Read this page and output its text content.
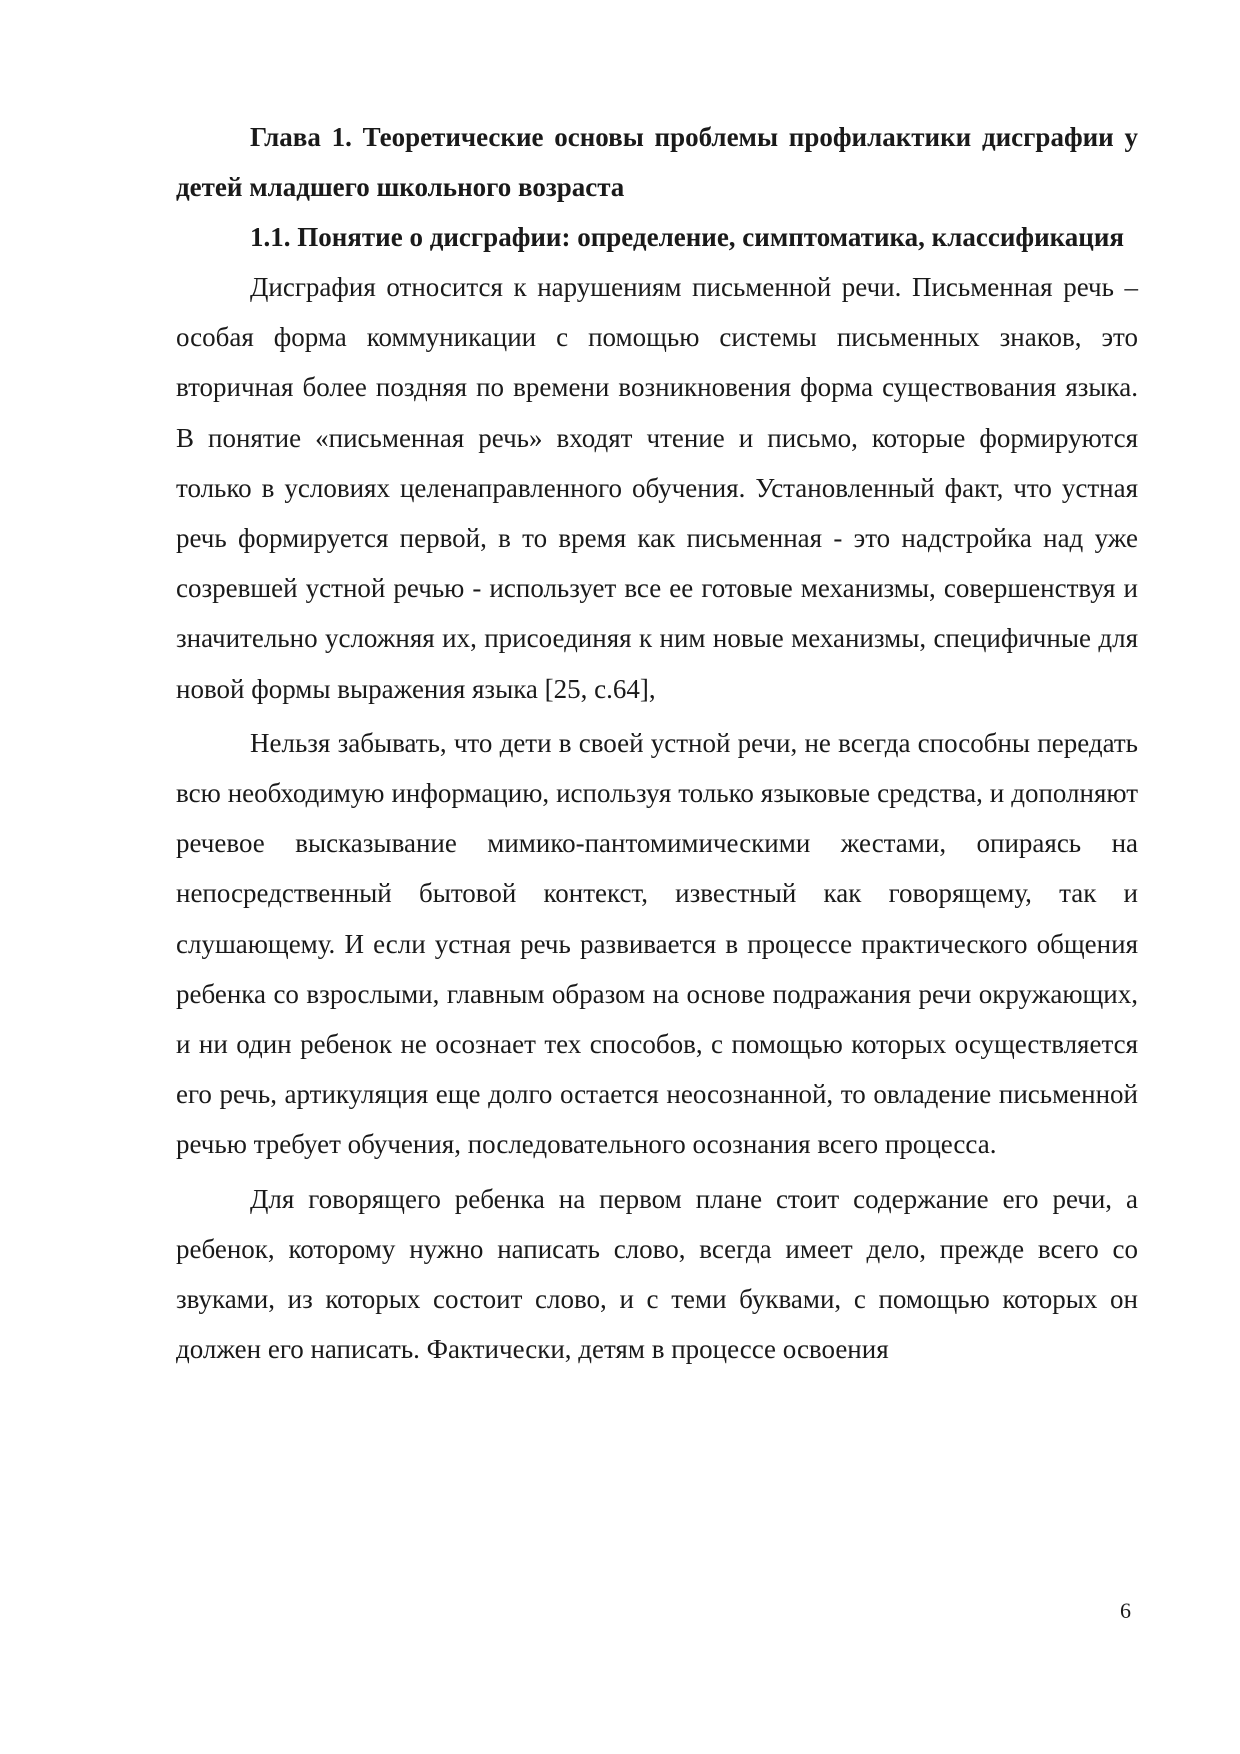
Глава 1. Теоретические основы проблемы профилактики дисграфии у детей младшего школьного возраста

1.1. Понятие о дисграфии: определение, симптоматика, классификация

Дисграфия относится к нарушениям письменной речи. Письменная речь – особая форма коммуникации с помощью системы письменных знаков, это вторичная более поздняя по времени возникновения форма существования языка. В понятие «письменная речь» входят чтение и письмо, которые формируются только в условиях целенаправленного обучения. Установленный факт, что устная речь формируется первой, в то время как письменная - это надстройка над уже созревшей устной речью - использует все ее готовые механизмы, совершенствуя и значительно усложняя их, присоединяя к ним новые механизмы, специфичные для новой формы выражения языка [25, с.64],

Нельзя забывать, что дети в своей устной речи, не всегда способны передать всю необходимую информацию, используя только языковые средства, и дополняют речевое высказывание мимико-пантомимическими жестами, опираясь на непосредственный бытовой контекст, известный как говорящему, так и слушающему. И если устная речь развивается в процессе практического общения ребенка со взрослыми, главным образом на основе подражания речи окружающих, и ни один ребенок не осознает тех способов, с помощью которых осуществляется его речь, артикуляция еще долго остается неосознанной, то овладение письменной речью требует обучения, последовательного осознания всего процесса.

Для говорящего ребенка на первом плане стоит содержание его речи, а ребенок, которому нужно написать слово, всегда имеет дело, прежде всего со звуками, из которых состоит слово, и с теми буквами, с помощью которых он должен его написать. Фактически, детям в процессе освоения

6
